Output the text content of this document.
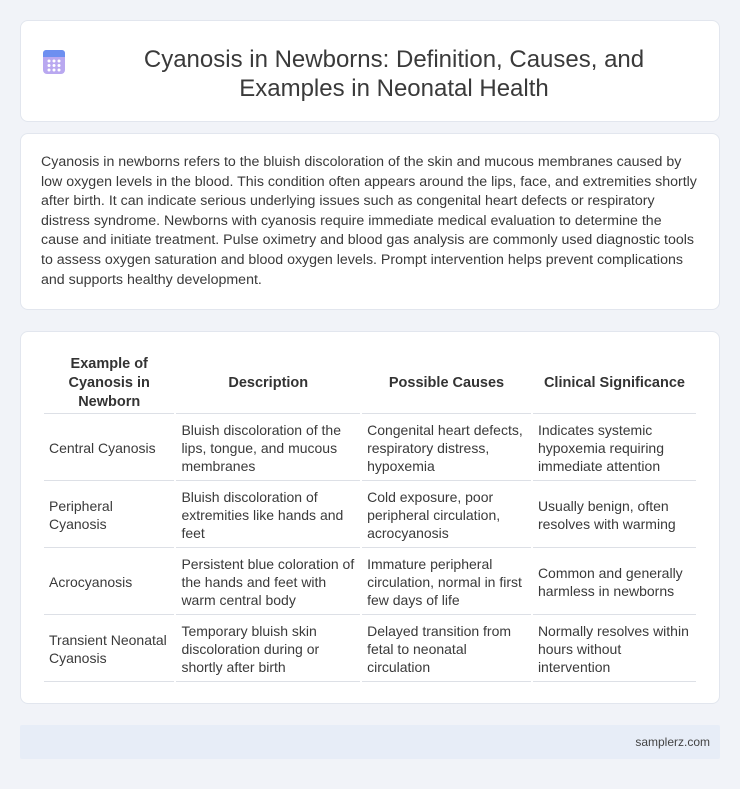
Cyanosis in Newborns: Definition, Causes, and Examples in Neonatal Health

Cyanosis in newborns refers to the bluish discoloration of the skin and mucous membranes caused by low oxygen levels in the blood. This condition often appears around the lips, face, and extremities shortly after birth. It can indicate serious underlying issues such as congenital heart defects or respiratory distress syndrome. Newborns with cyanosis require immediate medical evaluation to determine the cause and initiate treatment. Pulse oximetry and blood gas analysis are commonly used diagnostic tools to assess oxygen saturation and blood oxygen levels. Prompt intervention helps prevent complications and supports healthy development.

Example of Cyanosis in Newborn	Description	Possible Causes	Clinical Significance
Central Cyanosis	Bluish discoloration of the lips, tongue, and mucous membranes	Congenital heart defects, respiratory distress, hypoxemia	Indicates systemic hypoxemia requiring immediate attention
Peripheral Cyanosis	Bluish discoloration of extremities like hands and feet	Cold exposure, poor peripheral circulation, acrocyanosis	Usually benign, often resolves with warming
Acrocyanosis	Persistent blue coloration of the hands and feet with warm central body	Immature peripheral circulation, normal in first few days of life	Common and generally harmless in newborns
Transient Neonatal Cyanosis	Temporary bluish skin discoloration during or shortly after birth	Delayed transition from fetal to neonatal circulation	Normally resolves within hours without intervention
samplerz.com
